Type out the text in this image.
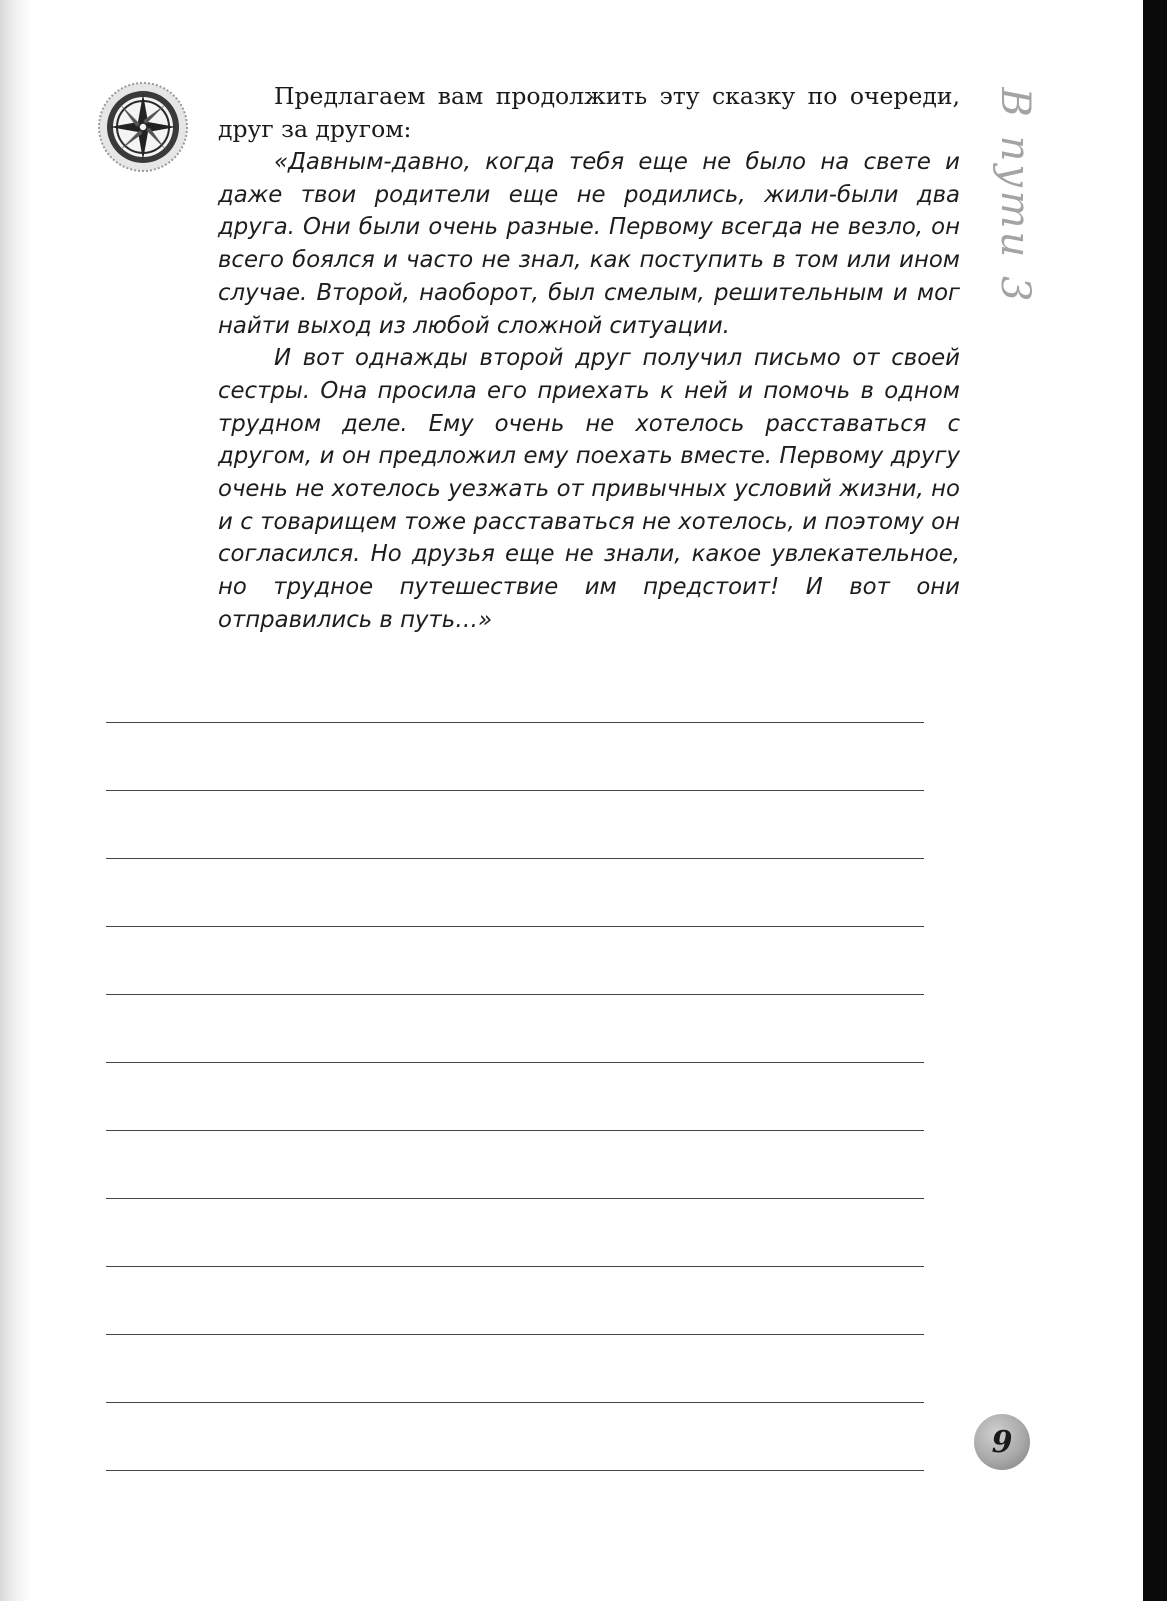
В пути 3

Предлагаем вам продолжить эту сказку по очереди, друг за другом:

«Давным-давно, когда тебя еще не было на свете и даже твои родители еще не родились, жили-были два друга. Они были очень разные. Первому всегда не везло, он всего боялся и часто не знал, как поступить в том или ином случае. Второй, наоборот, был смелым, решительным и мог найти выход из любой сложной ситуации.

И вот однажды второй друг получил письмо от своей сестры. Она просила его приехать к ней и помочь в одном трудном деле. Ему очень не хотелось расставаться с другом, и он предложил ему поехать вместе. Первому другу очень не хотелось уезжать от привычных условий жизни, но и с товарищем тоже расставаться не хотелось, и поэтому он согласился. Но друзья еще не знали, какое увлекательное, но трудное путешествие им предстоит! И вот они отправились в путь…»

9
